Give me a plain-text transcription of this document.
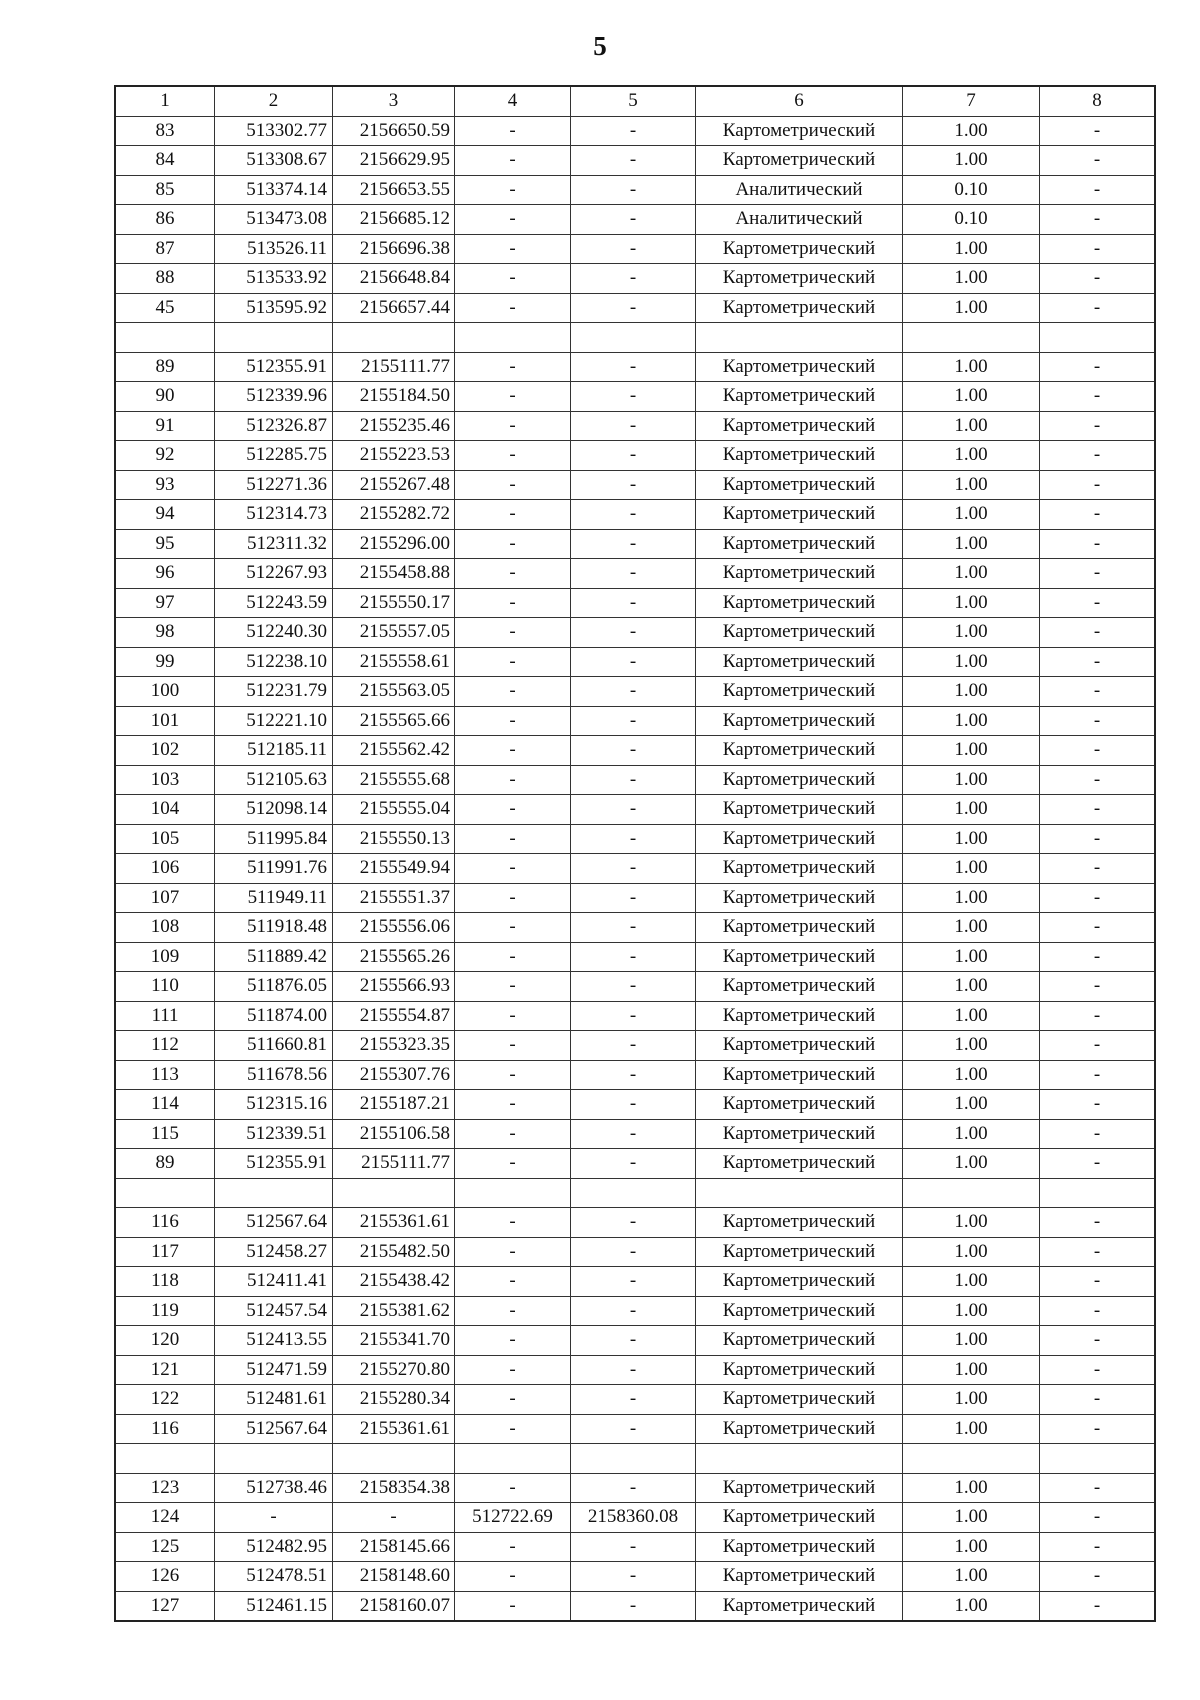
5
1	2	3	4	5	6	7	8
83	513302.77	2156650.59	-	-	Картометрический	1.00	-
84	513308.67	2156629.95	-	-	Картометрический	1.00	-
85	513374.14	2156653.55	-	-	Аналитический	0.10	-
86	513473.08	2156685.12	-	-	Аналитический	0.10	-
87	513526.11	2156696.38	-	-	Картометрический	1.00	-
88	513533.92	2156648.84	-	-	Картометрический	1.00	-
45	513595.92	2156657.44	-	-	Картометрический	1.00	-

89	512355.91	2155111.77	-	-	Картометрический	1.00	-
90	512339.96	2155184.50	-	-	Картометрический	1.00	-
91	512326.87	2155235.46	-	-	Картометрический	1.00	-
92	512285.75	2155223.53	-	-	Картометрический	1.00	-
93	512271.36	2155267.48	-	-	Картометрический	1.00	-
94	512314.73	2155282.72	-	-	Картометрический	1.00	-
95	512311.32	2155296.00	-	-	Картометрический	1.00	-
96	512267.93	2155458.88	-	-	Картометрический	1.00	-
97	512243.59	2155550.17	-	-	Картометрический	1.00	-
98	512240.30	2155557.05	-	-	Картометрический	1.00	-
99	512238.10	2155558.61	-	-	Картометрический	1.00	-
100	512231.79	2155563.05	-	-	Картометрический	1.00	-
101	512221.10	2155565.66	-	-	Картометрический	1.00	-
102	512185.11	2155562.42	-	-	Картометрический	1.00	-
103	512105.63	2155555.68	-	-	Картометрический	1.00	-
104	512098.14	2155555.04	-	-	Картометрический	1.00	-
105	511995.84	2155550.13	-	-	Картометрический	1.00	-
106	511991.76	2155549.94	-	-	Картометрический	1.00	-
107	511949.11	2155551.37	-	-	Картометрический	1.00	-
108	511918.48	2155556.06	-	-	Картометрический	1.00	-
109	511889.42	2155565.26	-	-	Картометрический	1.00	-
110	511876.05	2155566.93	-	-	Картометрический	1.00	-
111	511874.00	2155554.87	-	-	Картометрический	1.00	-
112	511660.81	2155323.35	-	-	Картометрический	1.00	-
113	511678.56	2155307.76	-	-	Картометрический	1.00	-
114	512315.16	2155187.21	-	-	Картометрический	1.00	-
115	512339.51	2155106.58	-	-	Картометрический	1.00	-
89	512355.91	2155111.77	-	-	Картометрический	1.00	-

116	512567.64	2155361.61	-	-	Картометрический	1.00	-
117	512458.27	2155482.50	-	-	Картометрический	1.00	-
118	512411.41	2155438.42	-	-	Картометрический	1.00	-
119	512457.54	2155381.62	-	-	Картометрический	1.00	-
120	512413.55	2155341.70	-	-	Картометрический	1.00	-
121	512471.59	2155270.80	-	-	Картометрический	1.00	-
122	512481.61	2155280.34	-	-	Картометрический	1.00	-
116	512567.64	2155361.61	-	-	Картометрический	1.00	-

123	512738.46	2158354.38	-	-	Картометрический	1.00	-
124	-	-	512722.69	2158360.08	Картометрический	1.00	-
125	512482.95	2158145.66	-	-	Картометрический	1.00	-
126	512478.51	2158148.60	-	-	Картометрический	1.00	-
127	512461.15	2158160.07	-	-	Картометрический	1.00	-
